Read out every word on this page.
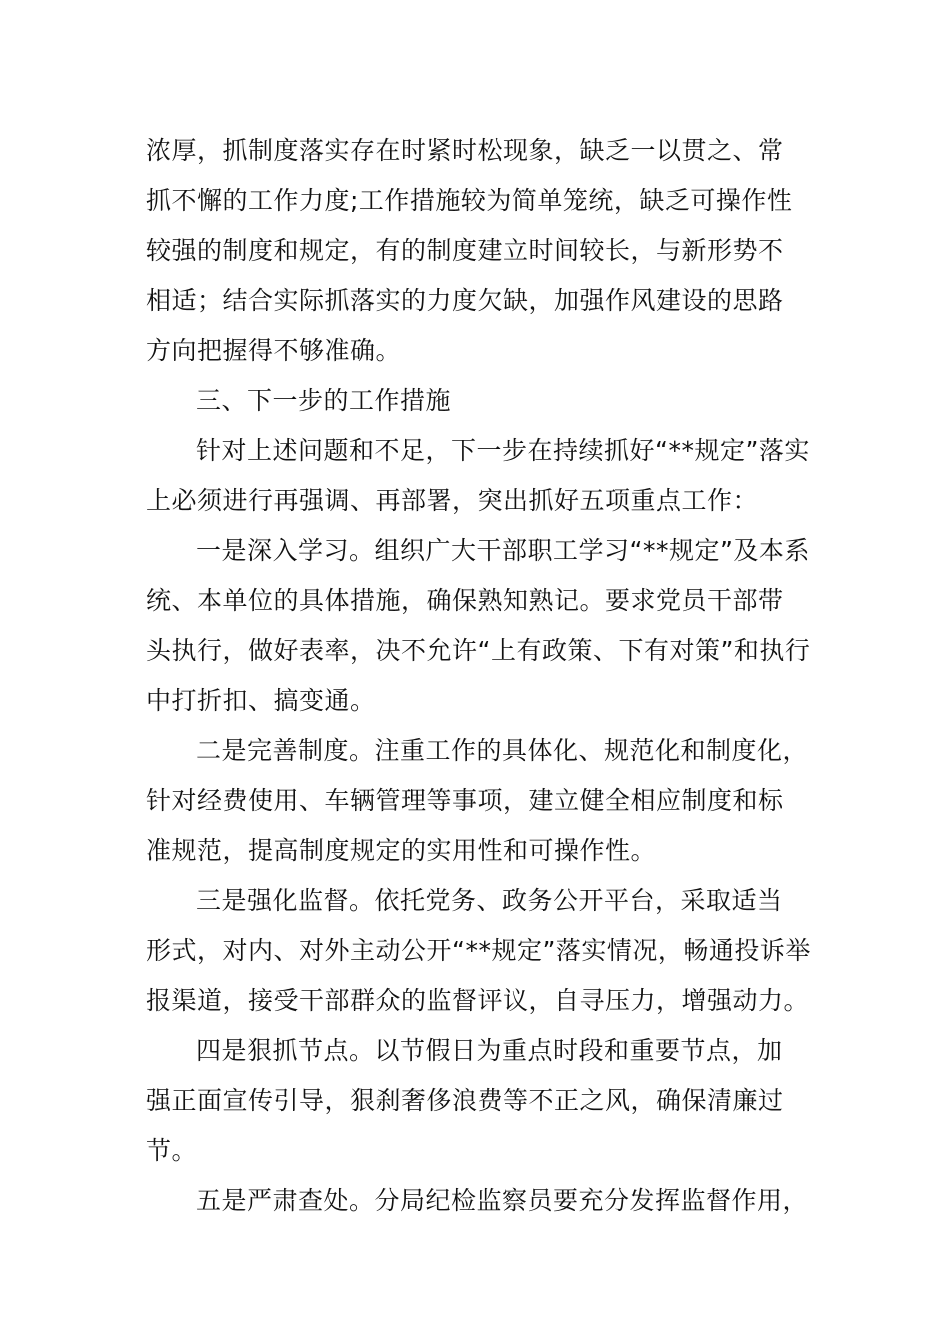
浓厚，抓制度落实存在时紧时松现象，缺乏一以贯之、常
抓不懈的工作力度;工作措施较为简单笼统，缺乏可操作性
较强的制度和规定，有的制度建立时间较长，与新形势不
相适；结合实际抓落实的力度欠缺，加强作风建设的思路
方向把握得不够准确。
三、下一步的工作措施
针对上述问题和不足，下一步在持续抓好“**规定”落实
上必须进行再强调、再部署，突出抓好五项重点工作：
一是深入学习。组织广大干部职工学习“**规定”及本系
统、本单位的具体措施，确保熟知熟记。要求党员干部带
头执行，做好表率，决不允许“上有政策、下有对策”和执行
中打折扣、搞变通。
二是完善制度。注重工作的具体化、规范化和制度化，
针对经费使用、车辆管理等事项，建立健全相应制度和标
准规范，提高制度规定的实用性和可操作性。
三是强化监督。依托党务、政务公开平台，采取适当
形式，对内、对外主动公开“**规定”落实情况，畅通投诉举
报渠道，接受干部群众的监督评议，自寻压力，增强动力。
四是狠抓节点。以节假日为重点时段和重要节点，加
强正面宣传引导，狠刹奢侈浪费等不正之风，确保清廉过
节。
五是严肃查处。分局纪检监察员要充分发挥监督作用，
